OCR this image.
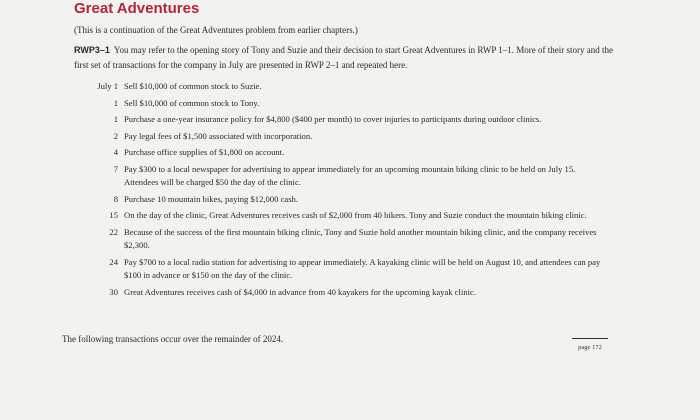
Great Adventures
(This is a continuation of the Great Adventures problem from earlier chapters.)
RWP3–1 You may refer to the opening story of Tony and Suzie and their decision to start Great Adventures in RWP 1–1. More of their story and the first set of transactions for the company in July are presented in RWP 2–1 and repeated here.
July 1 Sell $10,000 of common stock to Suzie.
1 Sell $10,000 of common stock to Tony.
1 Purchase a one-year insurance policy for $4,800 ($400 per month) to cover injuries to participants during outdoor clinics.
2 Pay legal fees of $1,500 associated with incorporation.
4 Purchase office supplies of $1,800 on account.
7 Pay $300 to a local newspaper for advertising to appear immediately for an upcoming mountain biking clinic to be held on July 15. Attendees will be charged $50 the day of the clinic.
8 Purchase 10 mountain bikes, paying $12,000 cash.
15 On the day of the clinic, Great Adventures receives cash of $2,000 from 40 bikers. Tony and Suzie conduct the mountain biking clinic.
22 Because of the success of the first mountain biking clinic, Tony and Suzie hold another mountain biking clinic, and the company receives $2,300.
24 Pay $700 to a local radio station for advertising to appear immediately. A kayaking clinic will be held on August 10, and attendees can pay $100 in advance or $150 on the day of the clinic.
30 Great Adventures receives cash of $4,000 in advance from 40 kayakers for the upcoming kayak clinic.
The following transactions occur over the remainder of 2024.
page 172
